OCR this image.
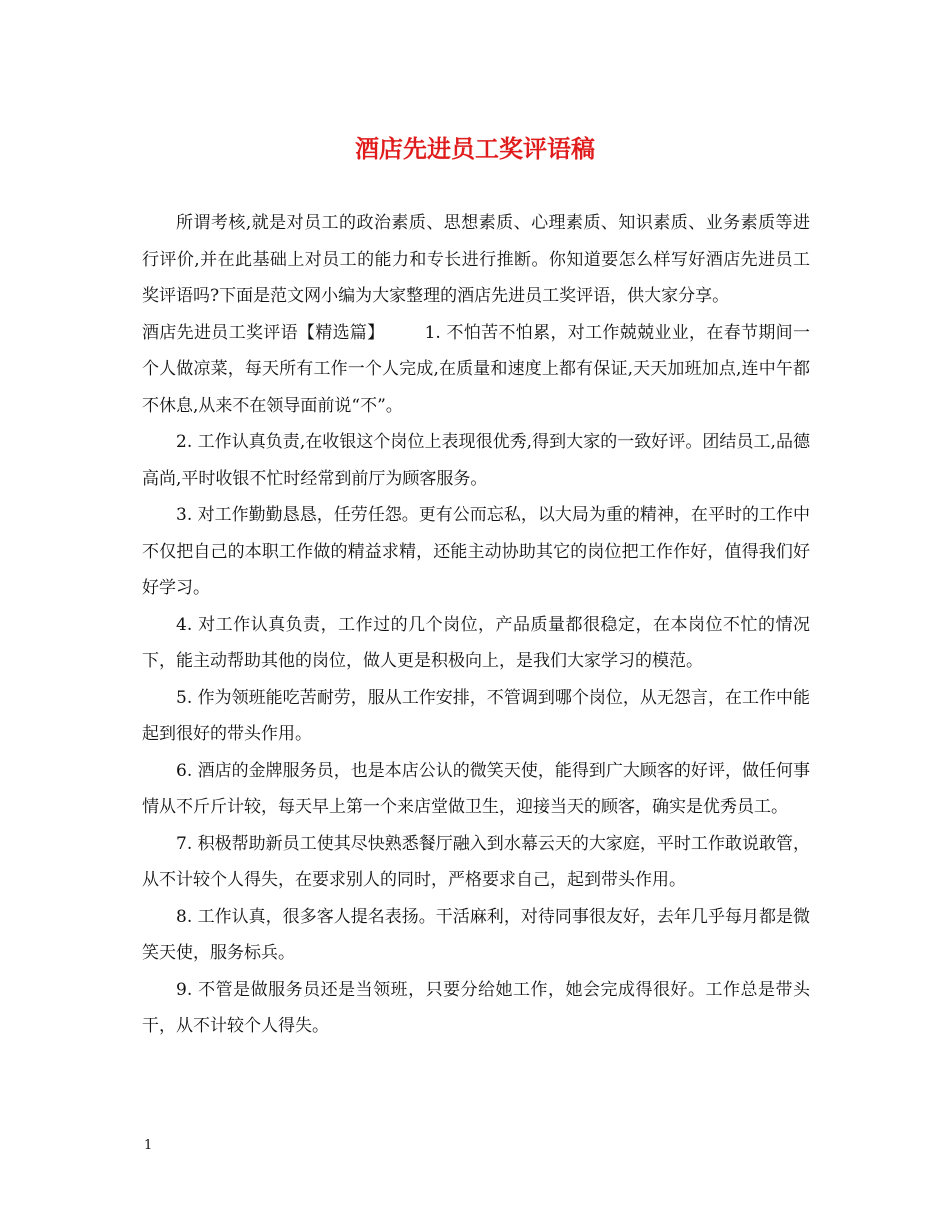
酒店先进员工奖评语稿

所谓考核,就是对员工的政治素质、思想素质、心理素质、知识素质、业务素质等进行评价,并在此基础上对员工的能力和专长进行推断。你知道要怎么样写好酒店先进员工奖评语吗?下面是范文网小编为大家整理的酒店先进员工奖评语，供大家分享。

酒店先进员工奖评语【精选篇】 1. 不怕苦不怕累，对工作兢兢业业，在春节期间一个人做凉菜，每天所有工作一个人完成,在质量和速度上都有保证,天天加班加点,连中午都不休息,从来不在领导面前说“不”。

2. 工作认真负责,在收银这个岗位上表现很优秀,得到大家的一致好评。团结员工,品德高尚,平时收银不忙时经常到前厅为顾客服务。

3. 对工作勤勤恳恳，任劳任怨。更有公而忘私，以大局为重的精神，在平时的工作中不仅把自己的本职工作做的精益求精，还能主动协助其它的岗位把工作作好，值得我们好好学习。

4. 对工作认真负责，工作过的几个岗位，产品质量都很稳定，在本岗位不忙的情况下，能主动帮助其他的岗位，做人更是积极向上，是我们大家学习的模范。

5. 作为领班能吃苦耐劳，服从工作安排，不管调到哪个岗位，从无怨言，在工作中能起到很好的带头作用。

6. 酒店的金牌服务员，也是本店公认的微笑天使，能得到广大顾客的好评，做任何事情从不斤斤计较，每天早上第一个来店堂做卫生，迎接当天的顾客，确实是优秀员工。

7. 积极帮助新员工使其尽快熟悉餐厅融入到水幕云天的大家庭，平时工作敢说敢管，从不计较个人得失，在要求别人的同时，严格要求自己，起到带头作用。

8. 工作认真，很多客人提名表扬。干活麻利，对待同事很友好，去年几乎每月都是微笑天使，服务标兵。

9. 不管是做服务员还是当领班，只要分给她工作，她会完成得很好。工作总是带头干，从不计较个人得失。

1
